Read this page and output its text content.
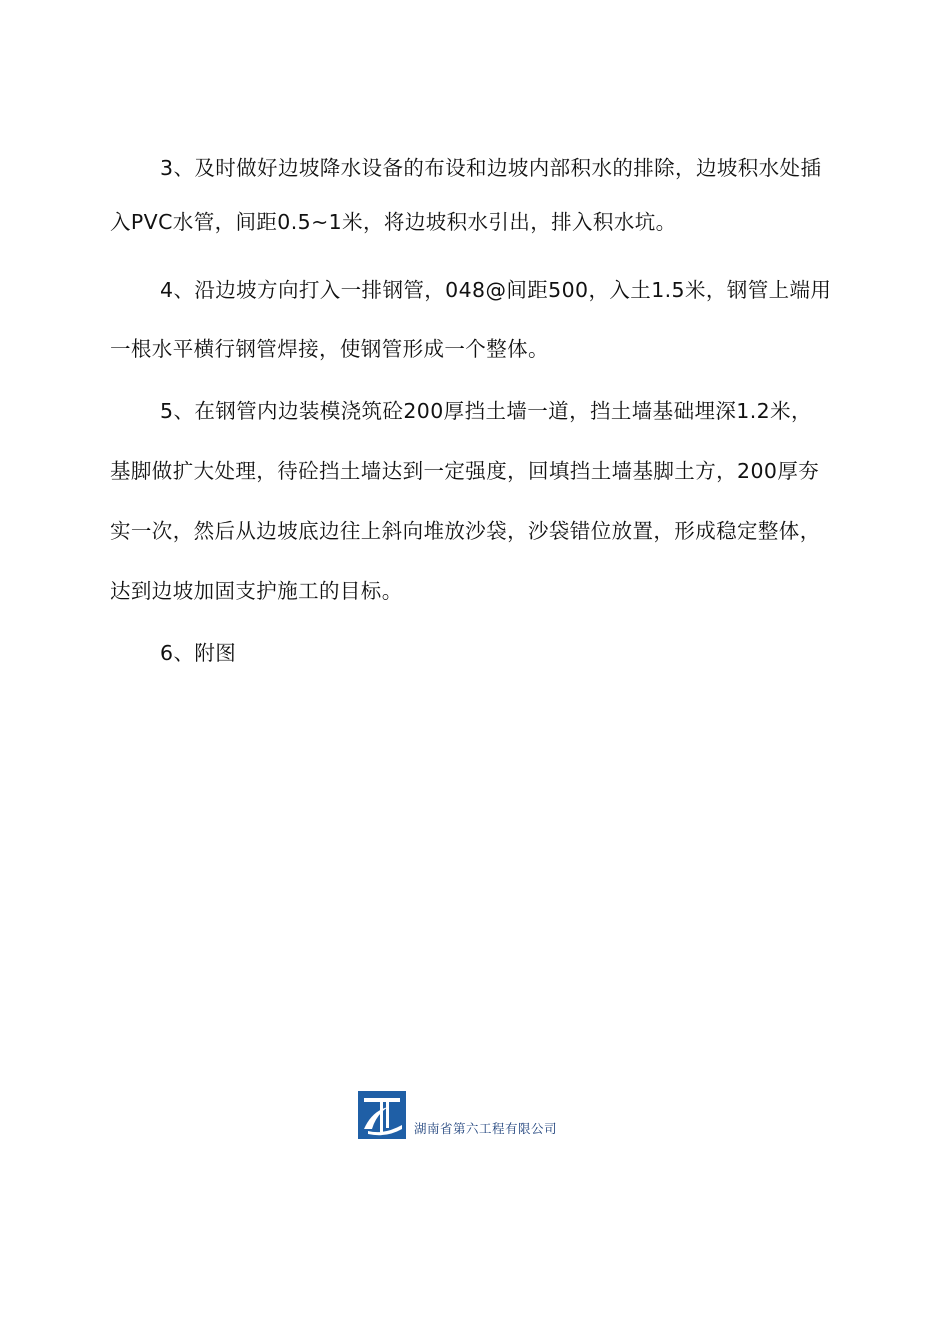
3、及时做好边坡降水设备的布设和边坡内部积水的排除，边坡积水处插
入PVC水管，间距0.5~1米，将边坡积水引出，排入积水坑。
4、沿边坡方向打入一排钢管，048@间距500，入土1.5米，钢管上端用
一根水平横行钢管焊接，使钢管形成一个整体。
5、在钢管内边装模浇筑砼200厚挡土墙一道，挡土墙基础埋深1.2米，
基脚做扩大处理，待砼挡土墙达到一定强度，回填挡土墙基脚土方，200厚夯
实一次，然后从边坡底边往上斜向堆放沙袋，沙袋错位放置，形成稳定整体，
达到边坡加固支护施工的目标。
6、附图
湖南省第六工程有限公司
